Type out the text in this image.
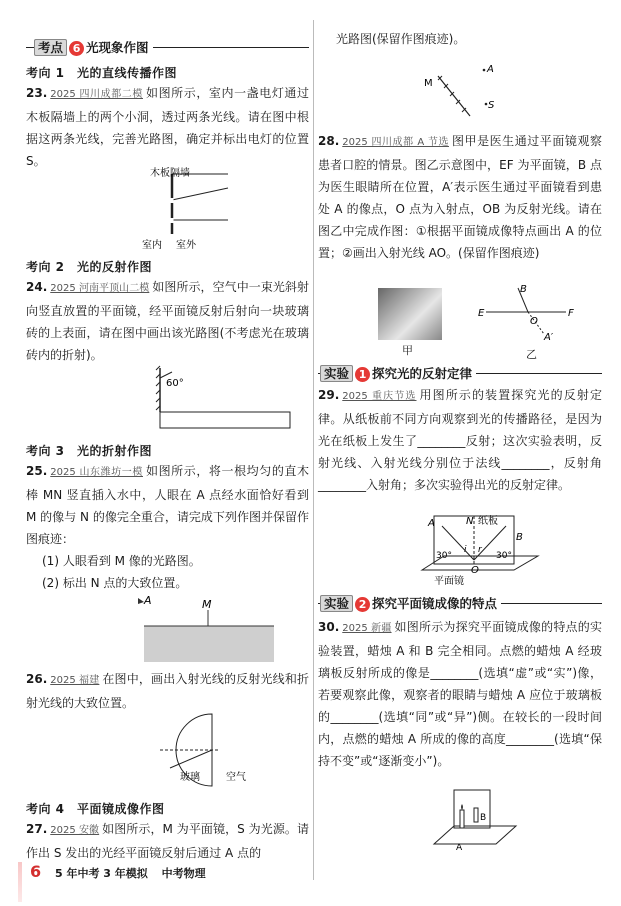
考点 6 光现象作图
考向 1　光的直线传播作图

23. 2025 四川成都二模 如图所示，室内一盏电灯通过木板隔墙上的两个小洞，透过两条光线。请在图中根据这两条光线，完善光路图，确定并标出电灯的位置 S。

木板隔墙
室内 室外
考向 2　光的反射作图

24. 2025 河南平顶山二模 如图所示，空气中一束光斜射向竖直放置的平面镜，经平面镜反射后射向一块玻璃砖的上表面，请在图中画出该光路图(不考虑光在玻璃砖内的折射)。

60°
考向 3　光的折射作图

25. 2025 山东潍坊一模 如图所示，将一根均匀的直木棒 MN 竖直插入水中，人眼在 A 点经水面恰好看到 M 的像与 N 的像完全重合，请完成下列作图并保留作图痕迹：

(1) 人眼看到 M 像的光路图。

(2) 标出 N 点的大致位置。

A	M

26. 2025 福建 在图中，画出入射光线的反射光线和折射光线的大致位置。

玻璃	空气
考向 4　平面镜成像作图

27. 2025 安徽 如图所示，M 为平面镜，S 为光源。请作出 S 发出的光经平面镜反射后通过 A 点的

光路图(保留作图痕迹)。
M
A
S

28. 2025 四川成都 A 节选 图甲是医生通过平面镜观察患者口腔的情景。图乙示意图中，EF 为平面镜，B 点为医生眼睛所在位置，A′表示医生通过平面镜看到患处 A 的像点，O 点为入射点，OB 为反射光线。请在图乙中完成作图：①根据平面镜成像特点画出 A 的位置；②画出入射光线 AO。(保留作图痕迹)

甲
E	F
B
O
A′
乙
实验 1 探究光的反射定律

29. 2025 重庆节选 用图所示的装置探究光的反射定律。从纸板前不同方向观察到光的传播路径，是因为光在纸板上发生了________反射；这次实验表明，反射光线、入射光线分别位于法线________，反射角________入射角；多次实验得出光的反射定律。

A	N 纸板
B
i r
O
30°	30°
平面镜
实验 2 探究平面镜成像的特点

30. 2025 新疆 如图所示为探究平面镜成像的特点的实验装置，蜡烛 A 和 B 完全相同。点燃的蜡烛 A 经玻璃板反射所成的像是________(选填“虚”或“实”)像，若要观察此像，观察者的眼睛与蜡烛 A 应位于玻璃板的________(选填“同”或“异”)侧。在较长的一段时间内，点燃的蜡烛 A 所成的像的高度________(选填“保持不变”或“逐渐变小”)。

B
A
6 5 年中考 3 年模拟 中考物理
